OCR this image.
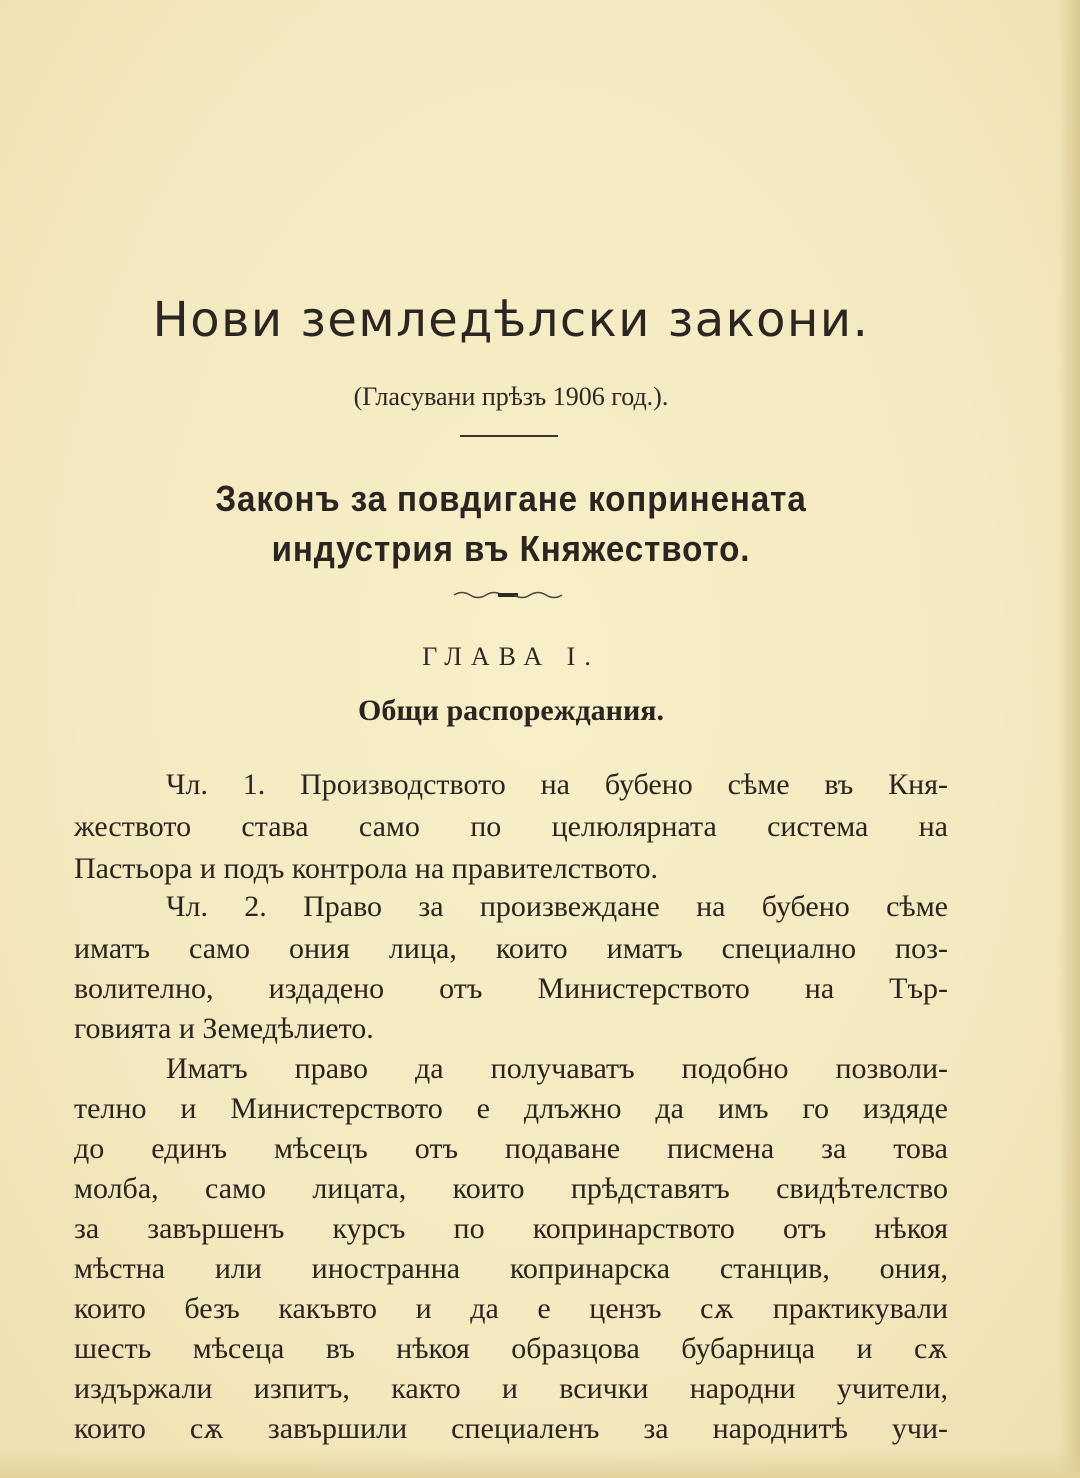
Нови земледѣлски закони.
(Гласувани прѣзъ 1906 год.).
Законъ за повдигане копринената
индустрия въ Княжеството.
ГЛАВА I.
Общи распореждания.
Чл. 1. Производството на бубено сѣме въ Кня-
жеството става само по целюлярната система на
Пастьора и подъ контрола на правителството.
Чл. 2. Право за произвеждане на бубено сѣме
иматъ само ония лица, които иматъ специално поз-
волително, издадено отъ Министерството на Тър-
говията и Земедѣлието.
Иматъ право да получаватъ подобно позволи-
телно и Министерството е длъжно да имъ го издяде
до единъ мѣсецъ отъ подаване писмена за това
молба, само лицата, които прѣдставятъ свидѣтелство
за завършенъ курсъ по копринарството отъ нѣкоя
мѣстна или иностранна копринарска станцив, ония,
които безъ какъвто и да е цензъ сѫ практикували
шесть мѣсеца въ нѣкоя образцова бубарница и сѫ
издържали изпитъ, както и всички народни учители,
които сѫ завършили специаленъ за народнитѣ учи-
